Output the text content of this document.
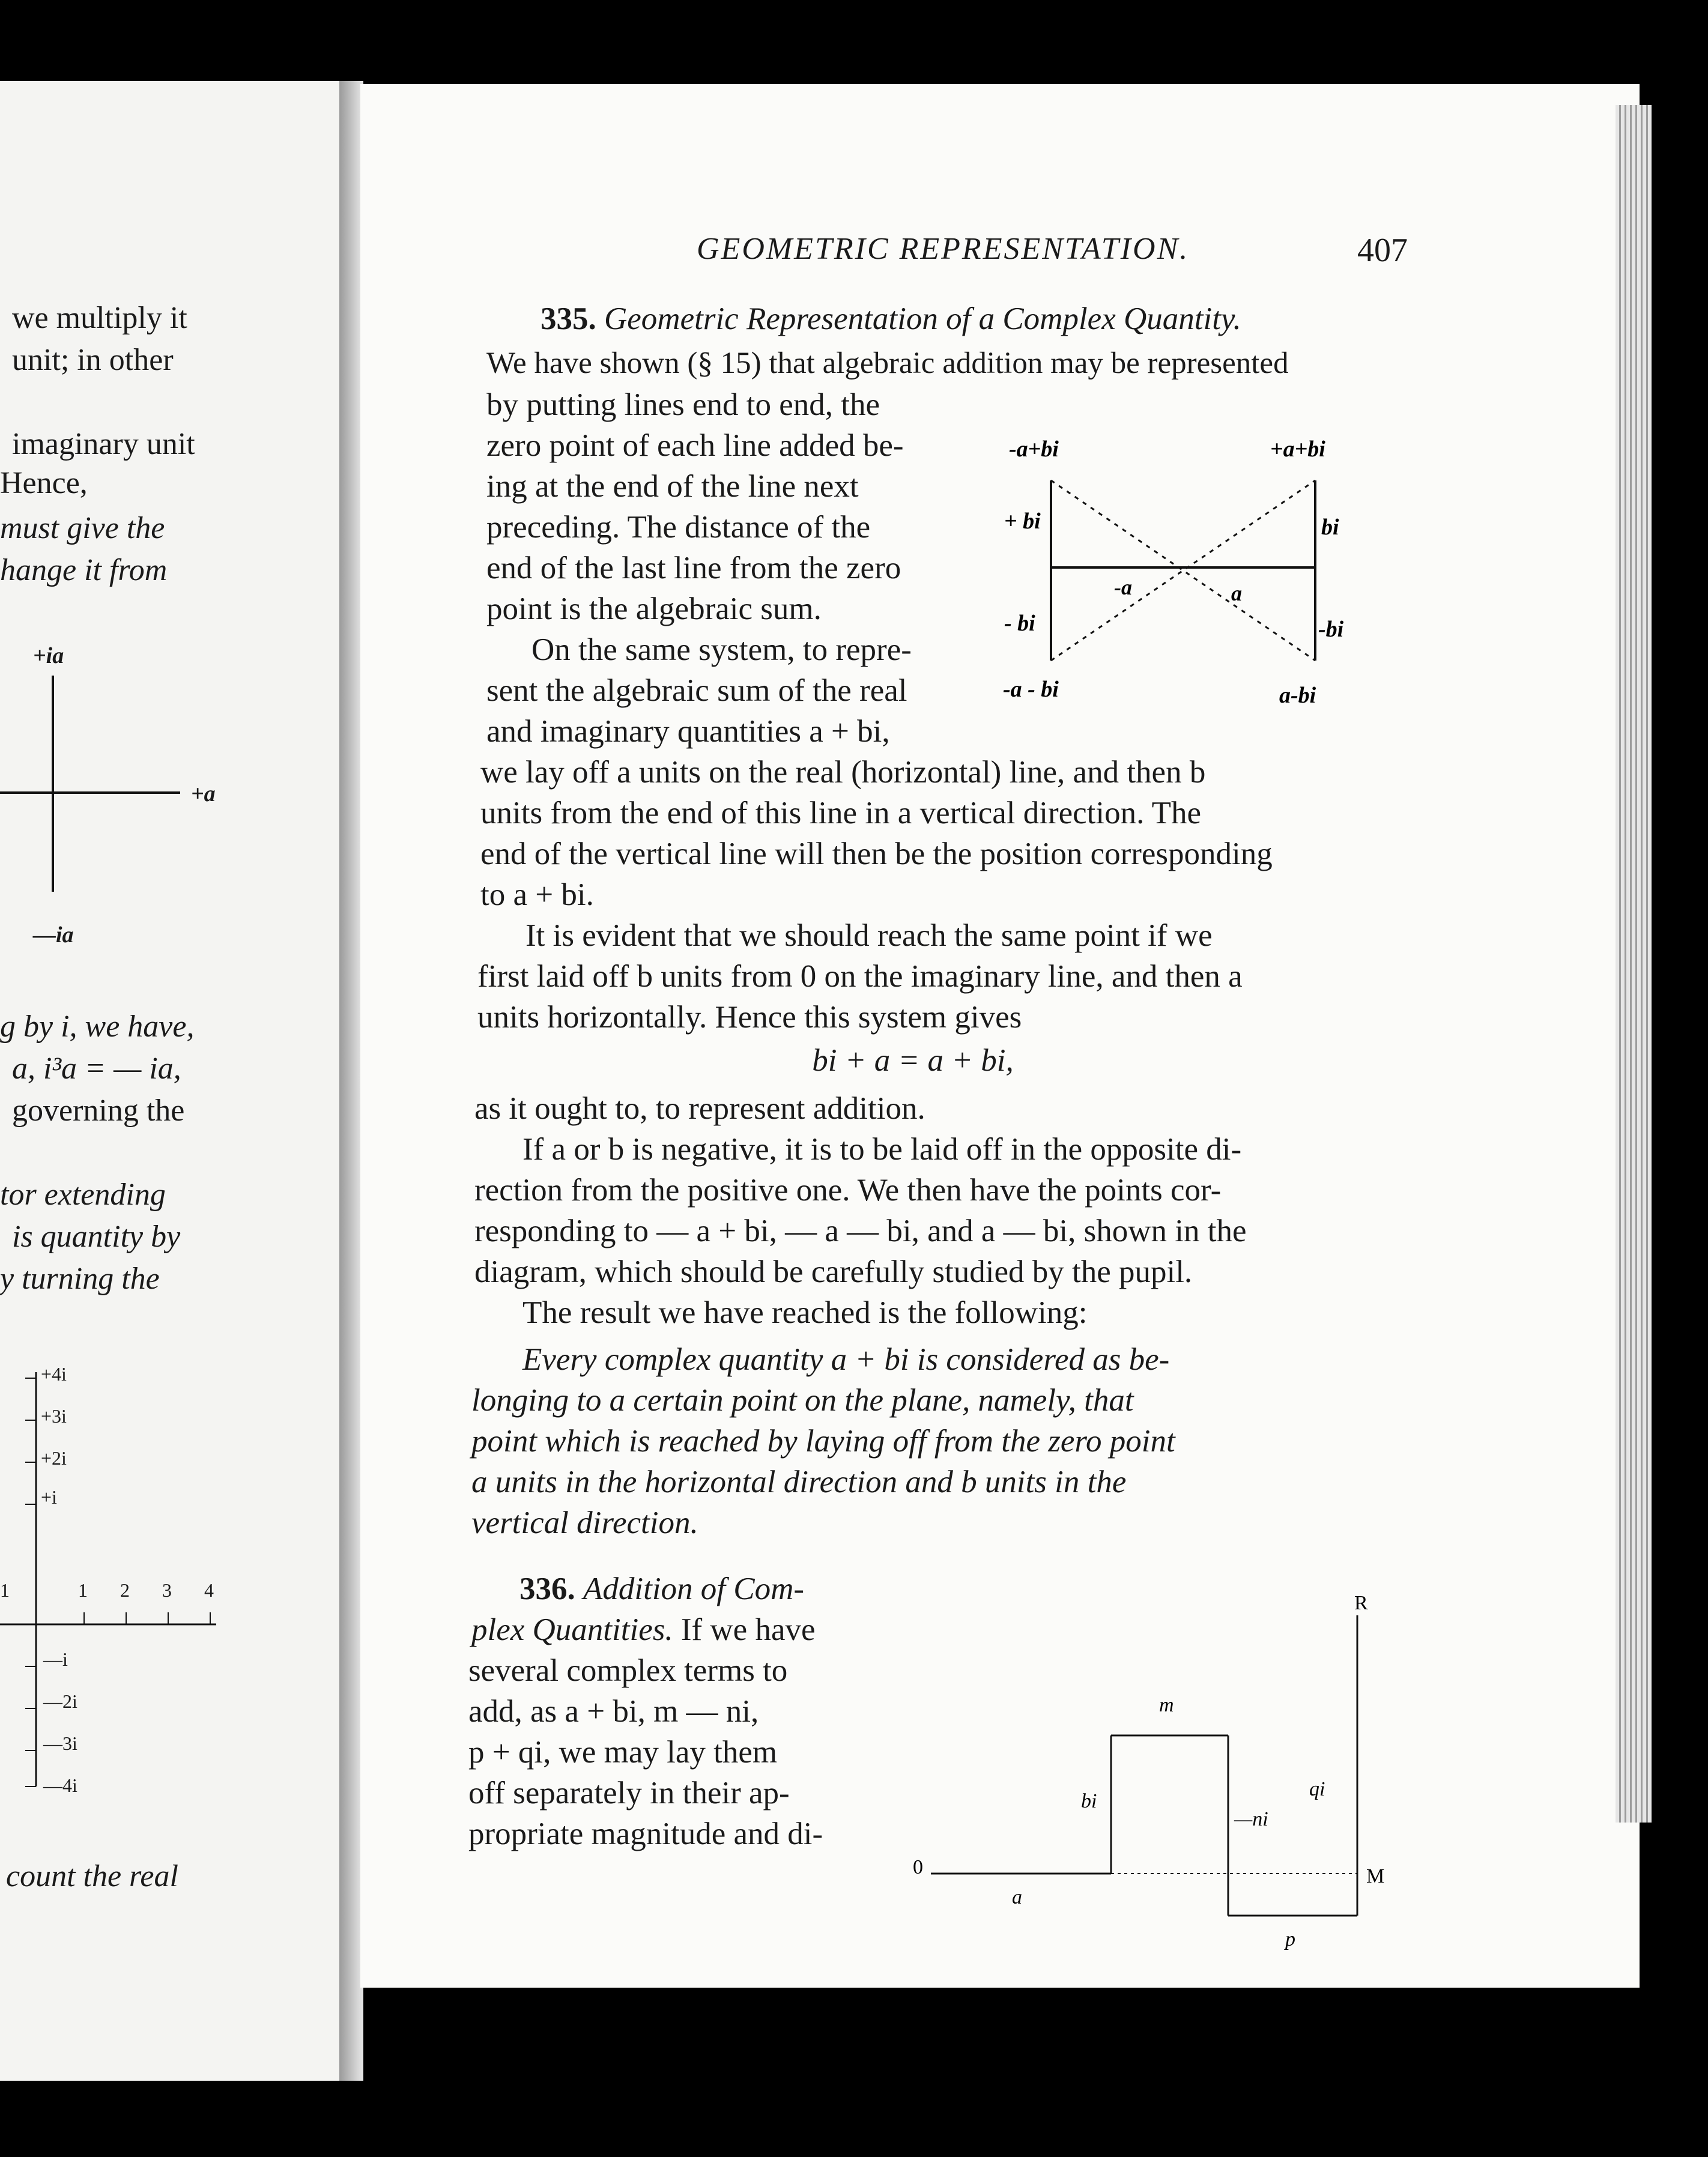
we multiply it
unit; in other
imaginary unit
Hence,
must give the
hange it from
+ia
+a
—ia
g by i, we have,
a, i³a = — ia,
governing the
tor extending
is quantity by
y turning the
+4i
+3i
+2i
+i
—i
—2i
—3i
—4i
1	1 2 3 4
count the real
GEOMETRIC REPRESENTATION.	407
335. Geometric Representation of a Complex Quantity.
We have shown (§ 15) that algebraic addition may be represented
by putting lines end to end, the
zero point of each line added be-
ing at the end of the line next
preceding. The distance of the
end of the last line from the zero
point is the algebraic sum.
On the same system, to repre-
sent the algebraic sum of the real
and imaginary quantities a + bi,
we lay off a units on the real (horizontal) line, and then b
units from the end of this line in a vertical direction. The
end of the vertical line will then be the position corresponding
to a + bi.
It is evident that we should reach the same point if we
first laid off b units from 0 on the imaginary line, and then a
units horizontally. Hence this system gives
bi + a = a + bi,
as it ought to, to represent addition.
If a or b is negative, it is to be laid off in the opposite di-
rection from the positive one. We then have the points cor-
responding to — a + bi, — a — bi, and a — bi, shown in the
diagram, which should be carefully studied by the pupil.
The result we have reached is the following:
Every complex quantity a + bi is considered as be-
longing to a certain point on the plane, namely, that
point which is reached by laying off from the zero point
a units in the horizontal direction and b units in the
vertical direction.
-a+bi	+a+bi
+ bi	bi
- bi	-bi
-a	a
-a - bi	a-bi
336. Addition of Com-
plex Quantities. If we have
several complex terms to
add, as a + bi, m — ni,
p + qi, we may lay them
off separately in their ap-
propriate magnitude and di-
0
a
bi
m
—ni
p
qi
R
M
